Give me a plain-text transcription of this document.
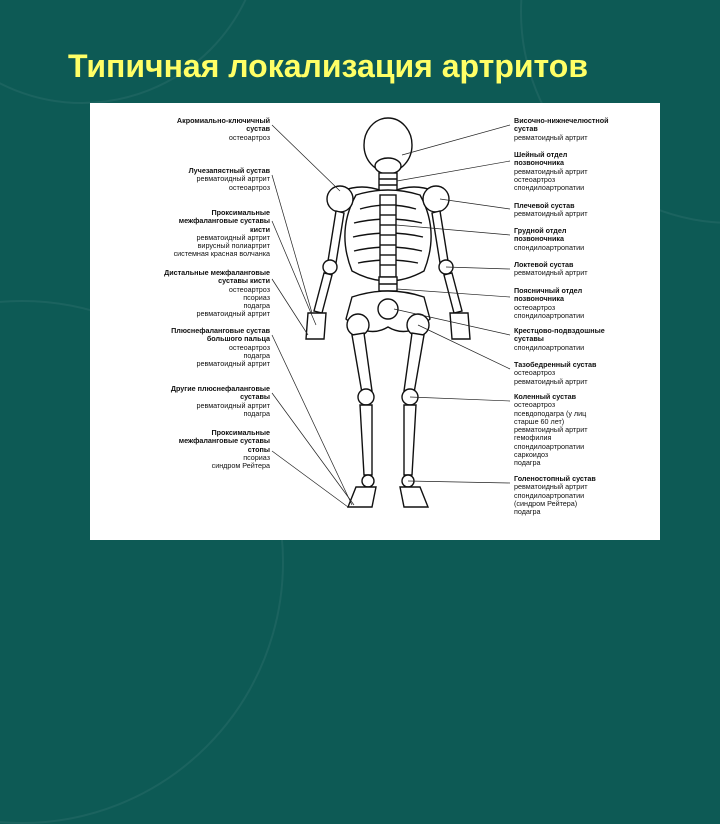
Типичная локализация артритов
Акромиально-ключичный
сустав
остеоартроз
Лучезапястный сустав
ревматоидный артрит
остеоартроз
Проксимальные
межфаланговые суставы
кисти
ревматоидный артрит
вирусный полиартрит
системная красная волчанка
Дистальные межфаланговые
суставы кисти
остеоартроз
псориаз
подагра
ревматоидный артрит
Плюснефаланговые сустав
большого пальца
остеоартроз
подагра
ревматоидный артрит
Другие плюснефаланговые
суставы
ревматоидный артрит
подагра
Проксимальные
межфаланговые суставы
стопы
псориаз
синдром Рейтера
Височно-нижнечелюстной
сустав
ревматоидный артрит
Шейный отдел
позвоночника
ревматоидный артрит
остеоартроз
спондилоартропатии
Плечевой сустав
ревматоидный артрит
Грудной отдел
позвоночника
спондилоартропатии
Локтевой сустав
ревматоидный артрит
Поясничный отдел
позвоночника
остеоартроз
спондилоартропатии
Крестцово-подвздошные
суставы
спондилоартропатии
Тазобедренный сустав
остеоартроз
ревматоидный артрит
Коленный сустав
остеоартроз
псевдоподагра (у лиц
старше 60 лет)
ревматоидный артрит
гемофилия
спондилоартропатии
саркоидоз
подагра
Голеностопный сустав
ревматоидный артрит
спондилоартропатии
(синдром Рейтера)
подагра
